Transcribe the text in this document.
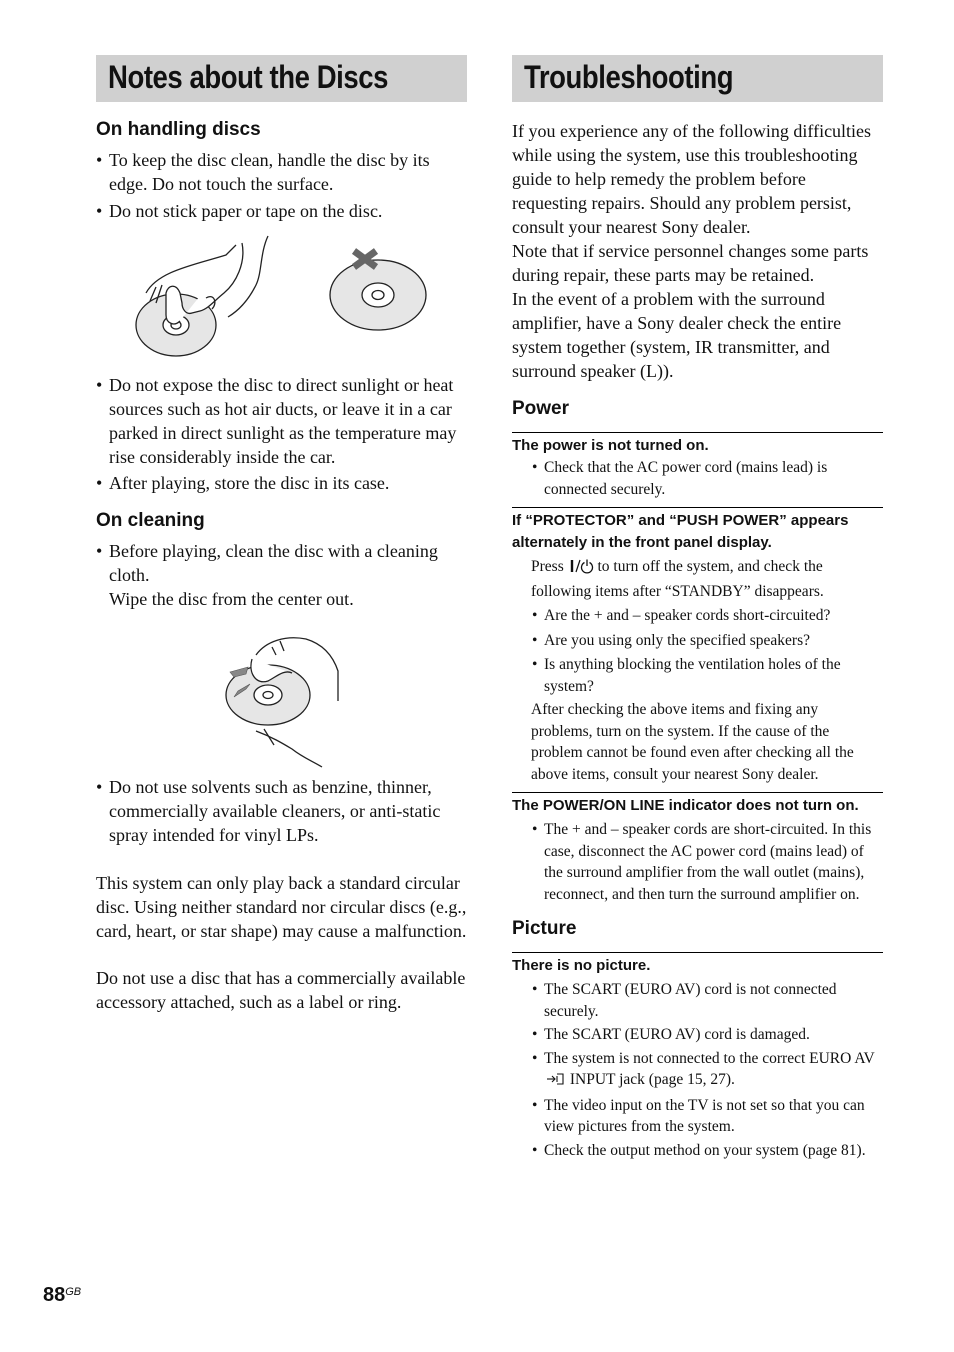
Notes about the Discs
On handling discs
• To keep the disc clean, handle the disc by its edge. Do not touch the surface.
• Do not stick paper or tape on the disc.
• Do not expose the disc to direct sunlight or heat sources such as hot air ducts, or leave it in a car parked in direct sunlight as the temperature may rise considerably inside the car.
• After playing, store the disc in its case.
On cleaning
• Before playing, clean the disc with a cleaning cloth.
Wipe the disc from the center out.
• Do not use solvents such as benzine, thinner, commercially available cleaners, or anti-static spray intended for vinyl LPs.
This system can only play back a standard circular disc. Using neither standard nor circular discs (e.g., card, heart, or star shape) may cause a malfunction.
Do not use a disc that has a commercially available accessory attached, such as a label or ring.
Troubleshooting
If you experience any of the following difficulties while using the system, use this troubleshooting guide to help remedy the problem before requesting repairs. Should any problem persist, consult your nearest Sony dealer.
Note that if service personnel changes some parts during repair, these parts may be retained.
In the event of a problem with the surround amplifier, have a Sony dealer check the entire system together (system, IR transmitter, and surround speaker (L)).
Power
The power is not turned on.
• Check that the AC power cord (mains lead) is connected securely.
If “PROTECTOR” and “PUSH POWER” appears alternately in the front panel display.
Press to turn off the system, and check the following items after “STANDBY” disappears.
• Are the + and – speaker cords short-circuited?
• Are you using only the specified speakers?
• Is anything blocking the ventilation holes of the system?
After checking the above items and fixing any problems, turn on the system. If the cause of the problem cannot be found even after checking all the above items, consult your nearest Sony dealer.
The POWER/ON LINE indicator does not turn on.
• The + and – speaker cords are short-circuited. In this case, disconnect the AC power cord (mains lead) of the surround amplifier from the wall outlet (mains), reconnect, and then turn the surround amplifier on.
Picture
There is no picture.
• The SCART (EURO AV) cord is not connected securely.
• The SCART (EURO AV) cord is damaged.
• The system is not connected to the correct EURO AV  INPUT jack (page 15, 27).
• The video input on the TV is not set so that you can view pictures from the system.
• Check the output method on your system (page 81).
$88^{GB}$
